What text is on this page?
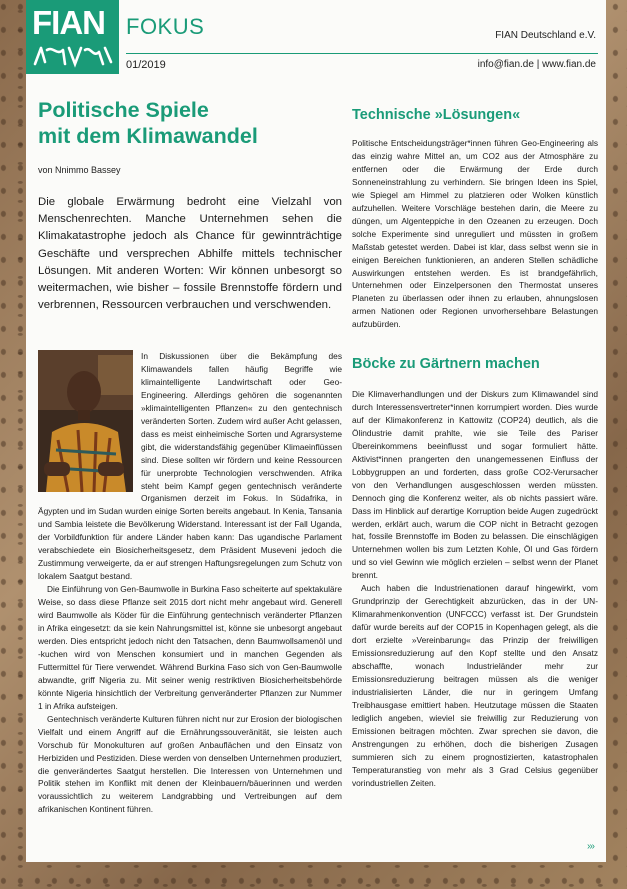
FIAN FOKUS	FIAN Deutschland e.V.
01/2019	info@fian.de | www.fian.de
Politische Spiele
mit dem Klimawandel
von Nnimmo Bassey

Die globale Erwärmung bedroht eine Vielzahl von Menschenrechten. Manche Unternehmen sehen die Klimakatastrophe jedoch als Chance für gewinnträchtige Geschäfte und versprechen Abhilfe mittels technischer Lösungen. Mit anderen Worten: Wir können unbesorgt so weitermachen, wie bisher – fossile Brennstoffe fördern und verbrennen, Ressourcen verbrauchen und verschwenden.

In Diskussionen über die Bekämpfung des Klimawandels fallen häufig Begriffe wie klimaintelligente Landwirtschaft oder Geo-Engineering. Allerdings gehören die sogenannten »klimaintelligenten Pflanzen« zu den gentechnisch veränderten Sorten. Zudem wird außer Acht gelassen, dass es meist einheimische Sorten und Agrarsysteme gibt, die widerstandsfähig gegenüber Klimaeinflüssen sind. Diese sollten wir fördern und keine Ressourcen für unerprobte Technologien verschwenden. Afrika steht beim Kampf gegen gentechnisch veränderte Organismen derzeit im Fokus. In Südafrika, in Ägypten und im Sudan wurden einige Sorten bereits angebaut. In Kenia, Tansania und Sambia leistete die Bevölkerung Widerstand. Interessant ist der Fall Uganda, der Vorbildfunktion für andere Länder haben kann: Das ugandische Parlament verabschiedete ein Biosicherheitsgesetz, dem Präsident Museveni jedoch die Zustimmung verweigerte, da er auf strengen Haftungsregelungen zum Schutz von lokalem Saatgut bestand.

Die Einführung von Gen-Baumwolle in Burkina Faso scheiterte auf spektakuläre Weise, so dass diese Pflanze seit 2015 dort nicht mehr angebaut wird. Generell wird Baumwolle als Köder für die Einführung gentechnisch veränderter Pflanzen in Afrika eingesetzt: da sie kein Nahrungsmittel ist, könne sie unbesorgt angebaut werden. Dies entspricht jedoch nicht den Tatsachen, denn Baumwollsamenöl und -kuchen wird von Menschen konsumiert und in manchen Gegenden als Futtermittel für Tiere verwendet. Während Burkina Faso sich von Gen-Baumwolle abwandte, griff Nigeria zu. Mit seiner wenig restriktiven Biosicherheitsbehörde könnte Nigeria hinsichtlich der Verbreitung genveränderter Pflanzen zur Nummer 1 in Afrika aufsteigen.

Gentechnisch veränderte Kulturen führen nicht nur zur Erosion der biologischen Vielfalt und einem Angriff auf die Ernährungssouveränität, sie leisten auch Vorschub für Monokulturen auf großen Anbauflächen und den Einsatz von Herbiziden und Pestiziden. Diese werden von denselben Unternehmen produziert, die genverändertes Saatgut herstellen. Die Interessen von Unternehmen und Politik stehen im Konflikt mit denen der Kleinbauern/bäuerinnen und werden voraussichtlich zu weiterem Landgrabbing und Vertreibungen auf dem afrikanischen Kontinent führen.

Technische »Lösungen«

Politische Entscheidungsträger*innen führen Geo-Engineering als das einzig wahre Mittel an, um CO2 aus der Atmosphäre zu entfernen oder die Erwärmung der Erde durch Sonneneinstrahlung zu verhindern. Sie bringen Ideen ins Spiel, wie Spiegel am Himmel zu platzieren oder Wolken künstlich aufzuhellen. Weitere Vorschläge bestehen darin, die Meere zu düngen, um Algenteppiche in den Ozeanen zu erzeugen. Doch solche Experimente sind unreguliert und müssten in großem Maßstab getestet werden. Dabei ist klar, dass selbst wenn sie in einigen Bereichen funktionieren, an anderen Stellen schädliche Auswirkungen entstehen werden. Es ist brandgefährlich, Unternehmen oder Einzelpersonen den Thermostat unseres Planeten zu überlassen oder ihnen zu erlauben, ahnungslosen armen Nationen oder Regionen unvorhersehbare Belastungen aufzubürden.

Böcke zu Gärtnern machen

Die Klimaverhandlungen und der Diskurs zum Klimawandel sind durch Interessensvertreter*innen korrumpiert worden. Dies wurde auf der Klimakonferenz in Kattowitz (COP24) deutlich, als die Ölindustrie damit prahlte, wie sie Teile des Pariser Übereinkommens beeinflusst und sogar formuliert hätte. Aktivist*innen prangerten den unangemessenen Einfluss der Lobbygruppen an und forderten, dass große CO2-Verursacher von den Verhandlungen ausgeschlossen werden müssten. Dennoch ging die Konferenz weiter, als ob nichts passiert wäre. Dass im Hinblick auf derartige Korruption beide Augen zugedrückt werden, erklärt auch, warum die COP nicht in Betracht gezogen hat, fossile Brennstoffe im Boden zu belassen. Die einschlägigen Unternehmen wollen bis zum Letzten Kohle, Öl und Gas fördern und so viel Gewinn wie möglich erzielen – selbst wenn der Planet brennt.

Auch haben die Industrienationen darauf hingewirkt, vom Grundprinzip der Gerechtigkeit abzurücken, das in der UN-Klimarahmenkonvention (UNFCCC) verfasst ist. Der Grundstein dafür wurde bereits auf der COP15 in Kopenhagen gelegt, als die dort erzielte »Vereinbarung« das Prinzip der freiwilligen Emissionsreduzierung auf den Kopf stellte und den Ansatz abschaffte, wonach Industrieländer mehr zur Emissionsreduzierung beitragen müssen als die weniger industrialisierten Länder, die nur in geringem Umfang Treibhausgase emittiert haben. Heutzutage müssen die Staaten lediglich angeben, wieviel sie freiwillig zur Reduzierung von Emissionen beitragen möchten. Zwar sprechen sie davon, die Anstrengungen zu erhöhen, doch die bisherigen Zusagen summieren sich zu einem prognostizierten, katastrophalen Temperaturanstieg von mehr als 3 Grad Celsius gegenüber vorindustriellen Zeiten.

›››
